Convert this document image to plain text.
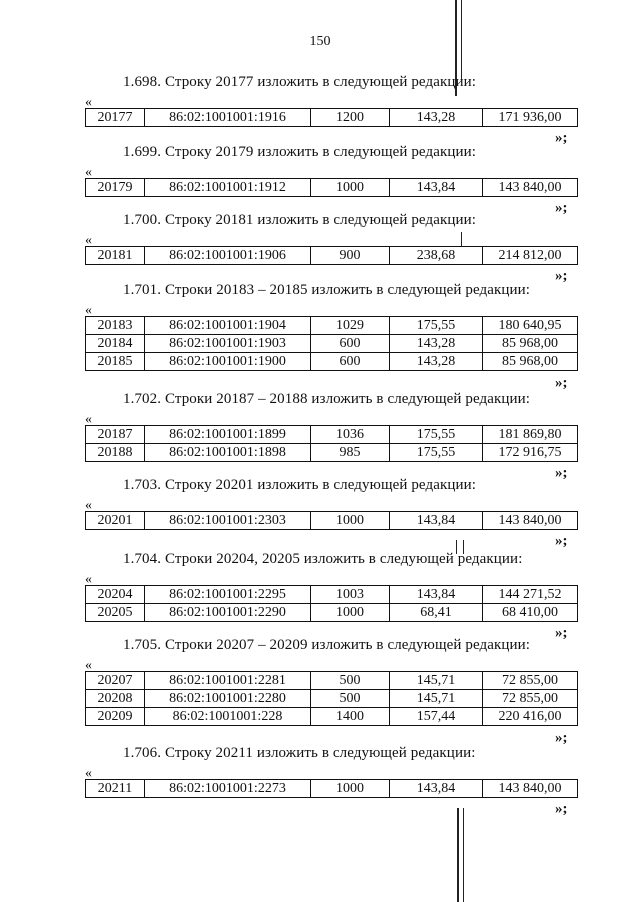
150
1.698. Строку 20177 изложить в следующей редакции:
«
20177	86:02:1001001:1916	1200	143,28	171 936,00
»;
1.699. Строку 20179 изложить в следующей редакции:
«
20179	86:02:1001001:1912	1000	143,84	143 840,00
»;
1.700. Строку 20181 изложить в следующей редакции:
«
20181	86:02:1001001:1906	900	238,68	214 812,00
»;
1.701. Строки 20183 – 20185 изложить в следующей редакции:
«
20183	86:02:1001001:1904	1029	175,55	180 640,95
20184	86:02:1001001:1903	600	143,28	85 968,00
20185	86:02:1001001:1900	600	143,28	85 968,00
»;
1.702. Строки 20187 – 20188 изложить в следующей редакции:
«
20187	86:02:1001001:1899	1036	175,55	181 869,80
20188	86:02:1001001:1898	985	175,55	172 916,75
»;
1.703. Строку 20201 изложить в следующей редакции:
«
20201	86:02:1001001:2303	1000	143,84	143 840,00
»;
1.704. Строки 20204, 20205 изложить в следующей редакции:
«
20204	86:02:1001001:2295	1003	143,84	144 271,52
20205	86:02:1001001:2290	1000	68,41	68 410,00
»;
1.705. Строки 20207 – 20209 изложить в следующей редакции:
«
20207	86:02:1001001:2281	500	145,71	72 855,00
20208	86:02:1001001:2280	500	145,71	72 855,00
20209	86:02:1001001:228	1400	157,44	220 416,00
»;
1.706. Строку 20211 изложить в следующей редакции:
«
20211	86:02:1001001:2273	1000	143,84	143 840,00
»;
